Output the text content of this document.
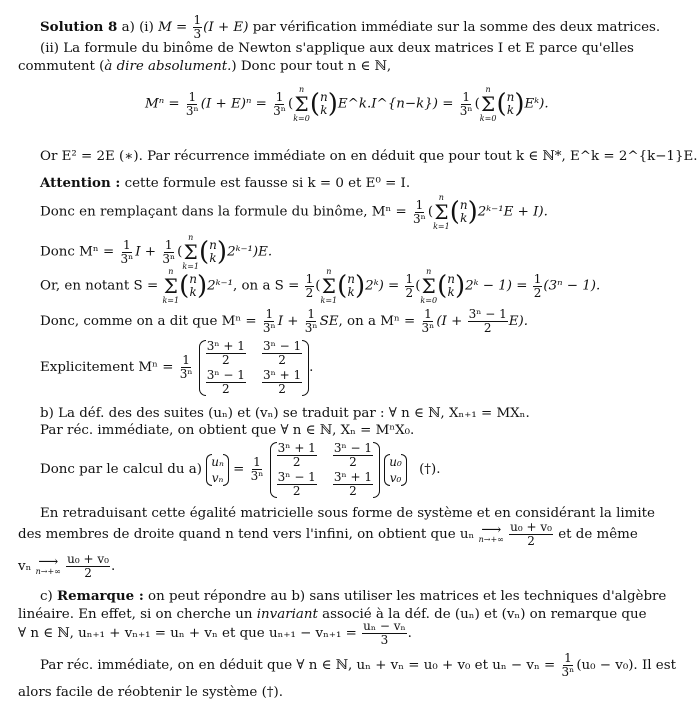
Solution 8 a) (i) $M = \frac{1}{3} (I + E)$ par vérification immédiate sur la somme des deux matrices.
(ii) La formule du binôme de Newton s'applique aux deux matrices I et E parce qu'elles
commutent (à dire absolument.) Donc pour tout n ∈ ℕ,
$M^n = \frac{1}{\text{3ⁿ}} (I + E)^n = \frac{1}{\text{3ⁿ}}$ (
n
Σ
k=0 ( n
k )E^k.I^{n−k}) = $\frac{1}{\text{3ⁿ}}$ (
n
Σ
k=0 ( n
k )Eᵏ).
Or E² = 2E (∗). Par récurrence immédiate on en déduit que pour tout k ∈ ℕ*, E^k = 2^{k−1}E.
Attention : cette formule est fausse si k = 0 et E⁰ = I.
Donc en remplaçant dans la formule du binôme, $M^n = \frac{1}{\text{3ⁿ}}$ (
n
Σ
k=1 ( n
k )2ᵏ⁻¹E + I).
Donc $M^n = \frac{1}{\text{3ⁿ}}$ $I + \frac{1}{\text{3ⁿ}}$ (
n
Σ
k=1 ( n
k )2ᵏ⁻¹)E.
Or, en notant S =
n
Σ
k=1 ( n
k )2ᵏ⁻¹, on a $S = \frac{1}{2}$ (
n
Σ
k=1 ( n
k )2ᵏ) = $\frac{1}{2}$ (
n
Σ
k=0 ( n
k )2ᵏ − $1) = \frac{1}{2} (3^n - 1)$.
Donc, comme on a dit que $M^n = \frac{1}{\text{3ⁿ}}$ $I + \frac{1}{\text{3ⁿ}}$ SE, on a $M^n = \frac{1}{\text{3ⁿ}} (I + \frac{\text{3ⁿ − 1}}{2} E)$.
Explicitement $M^n = \frac{1}{\text{3ⁿ}}$

$\frac{\text{3ⁿ + 1}}{2} \frac{\text{3ⁿ − 1}}{2}$
$\frac{\text{3ⁿ − 1}}{2} \frac{\text{3ⁿ + 1}}{2}$
.
b) La déf. des des suites (uₙ) et (vₙ) se traduit par : ∀ n ∈ ℕ, Xₙ₊₁ = MXₙ.
Par réc. immédiate, on obtient que ∀ n ∈ ℕ, Xₙ = MⁿX₀.
Donc par le calcul du a)
uₙ
vₙ
= $\frac{1}{\text{3ⁿ}}$

$\frac{\text{3ⁿ + 1}}{2} \frac{\text{3ⁿ − 1}}{2}$
$\frac{\text{3ⁿ − 1}}{2} \frac{\text{3ⁿ + 1}}{2}$

u₀
v₀
(†).
En retraduisant cette égalité matricielle sous forme de système et en considérant la limite
des membres de droite quand n tend vers l'infini, on obtient que uₙ ⟶
n→+∞
$\frac{\text{u₀ + v₀}}{2}$ et de même
vₙ ⟶
n→+∞
$\frac{\text{u₀ + v₀}}{2}$ .
c) Remarque : on peut répondre au b) sans utiliser les matrices et les techniques d'algèbre
linéaire. En effet, si on cherche un invariant associé à la déf. de (uₙ) et (vₙ) on remarque que
∀ n ∈ ℕ, uₙ₊₁ + vₙ₊₁ = uₙ + vₙ et que $u_{n+1} - v_{n+1} = \frac{\text{uₙ − vₙ}}{3}$ .
Par réc. immédiate, on en déduit que ∀ n ∈ ℕ, uₙ + vₙ = u₀ + v₀ et $u_n - v_n = \frac{1}{\text{3ⁿ}} (u_0 - v_0)$. Il est
alors facile de réobtenir le système (†).
